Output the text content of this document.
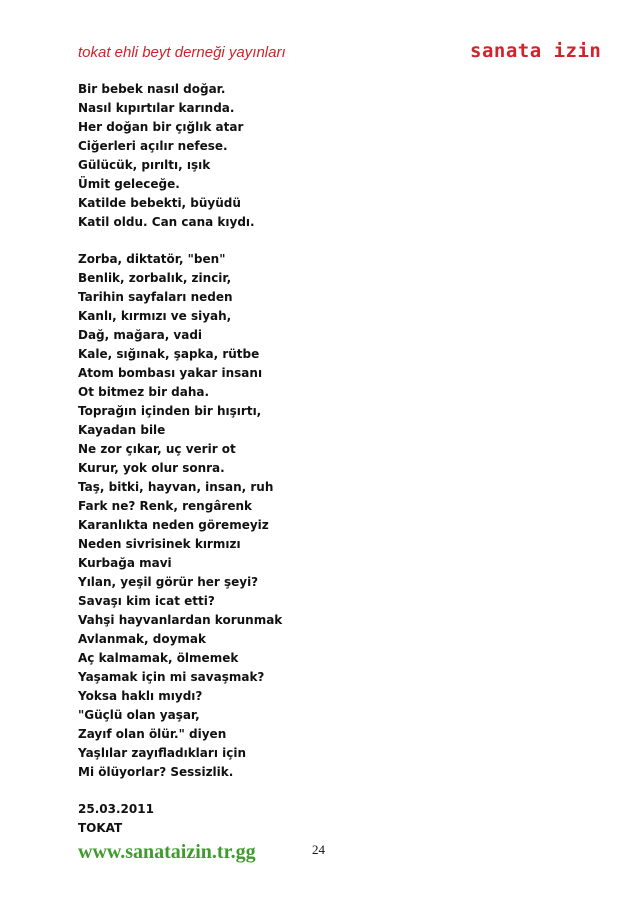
tokat ehli beyt derneği yayınları	sanata izin
Bir bebek nasıl doğar.
Nasıl kıpırtılar karında.
Her doğan bir çığlık atar
Ciğerleri açılır nefese.
Gülücük, pırıltı, ışık
Ümit geleceğe.
Katilde bebekti, büyüdü
Katil oldu. Can cana kıydı.
Zorba, diktatör, "ben"
Benlik, zorbalık, zincir,
Tarihin sayfaları neden
Kanlı, kırmızı ve siyah,
Dağ, mağara, vadi
Kale, sığınak, şapka, rütbe
Atom bombası yakar insanı
Ot bitmez bir daha.
Toprağın içinden bir hışırtı,
Kayadan bile
Ne zor çıkar, uç verir ot
Kurur, yok olur sonra.
Taş, bitki, hayvan, insan, ruh
Fark ne? Renk, rengârenk
Karanlıkta neden göremeyiz
Neden sivrisinek kırmızı
Kurbağa mavi
Yılan, yeşil görür her şeyi?
Savaşı kim icat etti?
Vahşi hayvanlardan korunmak
Avlanmak, doymak
Aç kalmamak, ölmemek
Yaşamak için mi savaşmak?
Yoksa haklı mıydı?
"Güçlü olan yaşar,
Zayıf olan ölür." diyen
Yaşlılar zayıfladıkları için
Mi ölüyorlar? Sessizlik.
25.03.2011
TOKAT
www.sanataizin.tr.gg	24
